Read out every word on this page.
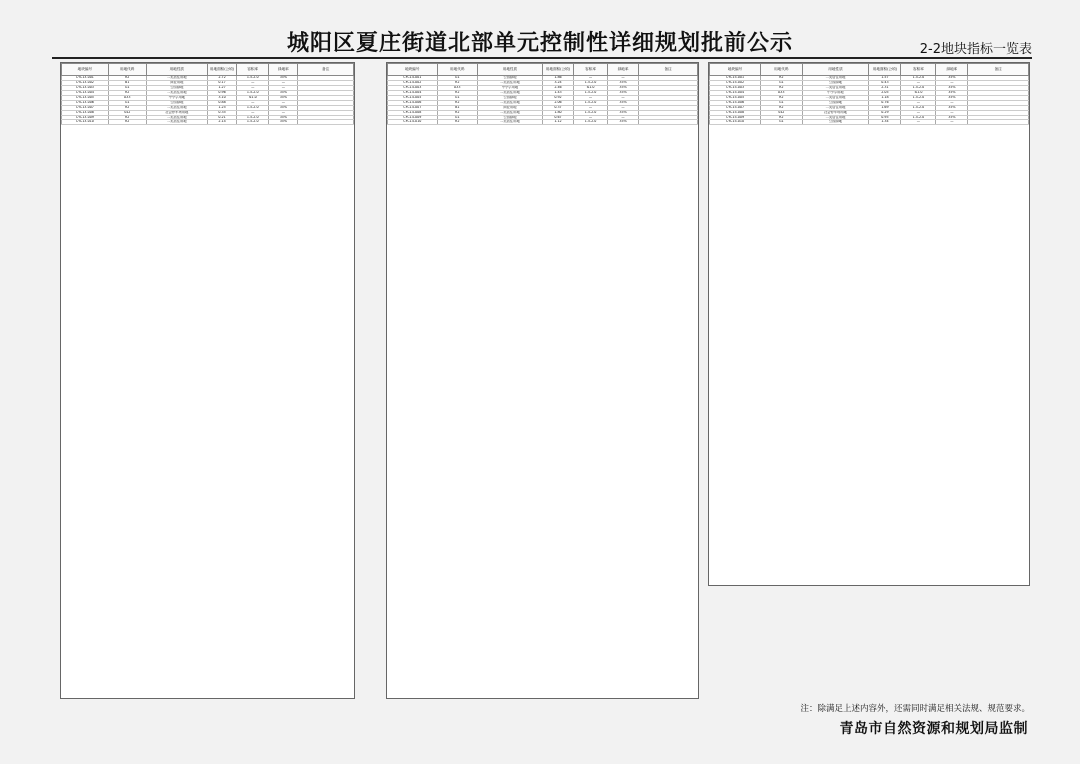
城阳区夏庄街道北部单元控制性详细规划批前公示	2-2地块指标一览表
地块编号	用地代码	用地性质	用地面积(公顷)	容积率	绿地率	备注
CYC13-001	R2	二类居住用地	2.72	1.5-2.0	35%	
CYC13-002	B1	商业用地	0.17	—	—	
CYC13-003	G1	公园绿地	1.27	—	—	
CYC13-004	R2	二类居住用地	0.96	1.5-2.0	35%	
CYC13-005	A33	中小学用地	3.10	≤1.0	35%	
CYC13-006	G1	公园绿地	0.88	—	—	
CYC13-007	R2	二类居住用地	1.25	1.5-2.0	35%	
CYC13-008	S42	社会停车场用地	0.35	—	—	
CYC13-009	R2	二类居住用地	0.21	1.5-2.0	35%	
CYC13-010	R2	二类居住用地	2.14	1.5-2.0	35%	
地块编号	用地代码	用地性质	用地面积(公顷)	容积率	绿地率	备注
CYC14-001	G1	公园绿地	1.86	—	—	
CYC14-002	R2	二类居住用地	3.24	1.5-2.0	35%	
CYC14-003	A33	中小学用地	2.46	≤1.0	35%	
CYC14-004	R2	二类居住用地	1.43	1.5-2.0	35%	
CYC14-005	G1	公园绿地	0.92	—	—	
CYC14-006	R2	二类居住用地	2.06	1.5-2.0	35%	
CYC14-007	B1	商业用地	0.37	—	—	
CYC14-008	R2	二类居住用地	1.80	1.5-2.0	35%	
CYC14-009	G1	公园绿地	0.67	—	—	
CYC14-010	R2	二类居住用地	1.12	1.5-2.0	35%	
地块编号	用地代码	用地性质	用地面积(公顷)	容积率	绿地率	备注
CYC15-001	R2	二类居住用地	1.57	1.5-2.0	35%	
CYC15-002	G1	公园绿地	0.43	—	—	
CYC15-003	R2	二类居住用地	2.31	1.5-2.0	35%	
CYC15-004	A33	中小学用地	2.05	≤1.0	35%	
CYC15-005	R2	二类居住用地	1.18	1.5-2.0	35%	
CYC15-006	G1	公园绿地	0.76	—	—	
CYC15-007	R2	二类居住用地	1.69	1.5-2.0	35%	
CYC15-008	S42	社会停车场用地	0.29	—	—	
CYC15-009	R2	二类居住用地	0.95	1.5-2.0	35%	
CYC15-010	G1	公园绿地	1.34	—	—	
注：除满足上述内容外，还需同时满足相关法规、规范要求。
青岛市自然资源和规划局监制
